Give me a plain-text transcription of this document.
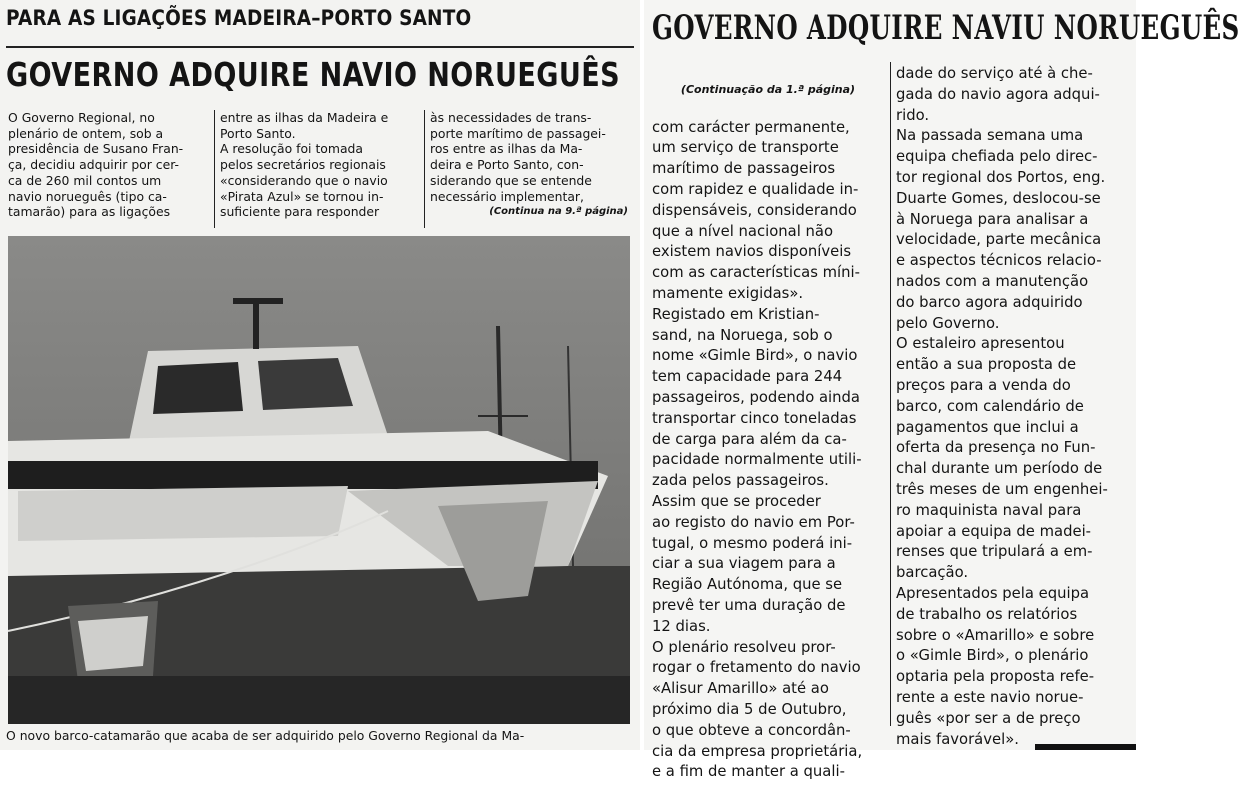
PARA AS LIGAÇÕES MADEIRA–PORTO SANTO
GOVERNO ADQUIRE NAVIO NORUEGUÊS
O Governo Regional, no
plenário de ontem, sob a
presidência de Susano Fran-
ça, decidiu adquirir por cer-
ca de 260 mil contos um
navio norueguês (tipo ca-
tamarão) para as ligações
entre as ilhas da Madeira e
Porto Santo.
A resolução foi tomada
pelos secretários regionais
«considerando que o navio
«Pirata Azul» se tornou in-
suficiente para responder
às necessidades de trans-
porte marítimo de passagei-
ros entre as ilhas da Ma-
deira e Porto Santo, con-
siderando que se entende
necessário implementar,
(Continua na 9.ª página)
O novo barco-catamarão que acaba de ser adquirido pelo Governo Regional da Ma-
GOVERNO ADQUIRE NAVIU NORUEGUÊS

(Continuação da 1.ª página)

com carácter permanente,
um serviço de transporte
marítimo de passageiros
com rapidez e qualidade in-
dispensáveis, considerando
que a nível nacional não
existem navios disponíveis
com as características míni-
mamente exigidas».
Registado em Kristian-
sand, na Noruega, sob o
nome «Gimle Bird», o navio
tem capacidade para 244
passageiros, podendo ainda
transportar cinco toneladas
de carga para além da ca-
pacidade normalmente utili-
zada pelos passageiros.
Assim que se proceder
ao registo do navio em Por-
tugal, o mesmo poderá ini-
ciar a sua viagem para a
Região Autónoma, que se
prevê ter uma duração de
12 dias.
O plenário resolveu pror-
rogar o fretamento do navio
«Alisur Amarillo» até ao
próximo dia 5 de Outubro,
o que obteve a concordân-
cia da empresa proprietária,
e a fim de manter a quali-

dade do serviço até à che-
gada do navio agora adqui-
rido.
Na passada semana uma
equipa chefiada pelo direc-
tor regional dos Portos, eng.
Duarte Gomes, deslocou-se
à Noruega para analisar a
velocidade, parte mecânica
e aspectos técnicos relacio-
nados com a manutenção
do barco agora adquirido
pelo Governo.
O estaleiro apresentou
então a sua proposta de
preços para a venda do
barco, com calendário de
pagamentos que inclui a
oferta da presença no Fun-
chal durante um período de
três meses de um engenhei-
ro maquinista naval para
apoiar a equipa de madei-
renses que tripulará a em-
barcação.
Apresentados pela equipa
de trabalho os relatórios
sobre o «Amarillo» e sobre
o «Gimle Bird», o plenário
optaria pela proposta refe-
rente a este navio norue-
guês «por ser a de preço
mais favorável».
